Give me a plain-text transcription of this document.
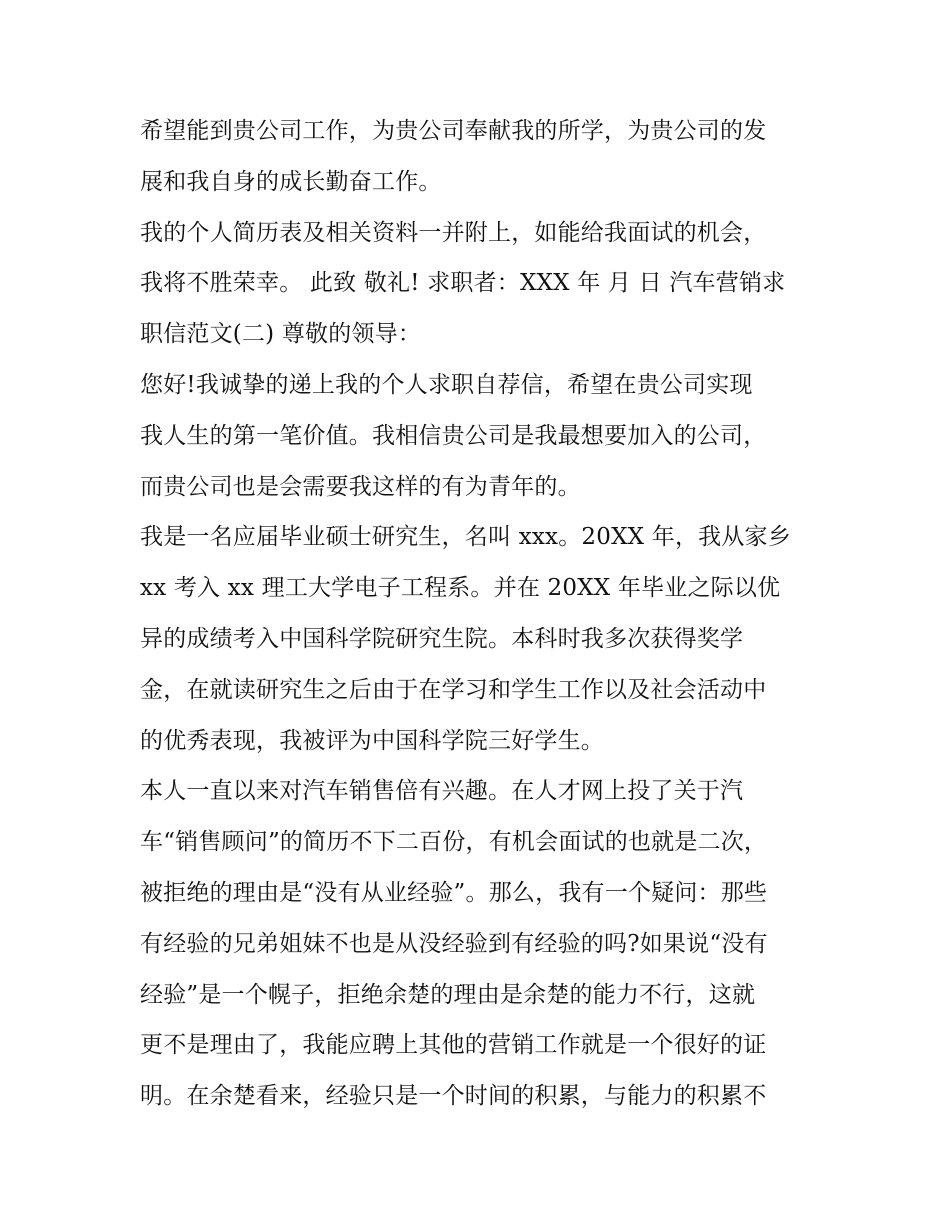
希望能到贵公司工作，为贵公司奉献我的所学，为贵公司的发
展和我自身的成长勤奋工作。
我的个人简历表及相关资料一并附上，如能给我面试的机会，
我将不胜荣幸。 此致 敬礼! 求职者：XXX 年 月 日 汽车营销求
职信范文(二) 尊敬的领导：
您好!我诚挚的递上我的个人求职自荐信，希望在贵公司实现
我人生的第一笔价值。我相信贵公司是我最想要加入的公司，
而贵公司也是会需要我这样的有为青年的。
我是一名应届毕业硕士研究生，名叫 xxx。20XX 年，我从家乡
xx 考入 xx 理工大学电子工程系。并在 20XX 年毕业之际以优
异的成绩考入中国科学院研究生院。本科时我多次获得奖学
金，在就读研究生之后由于在学习和学生工作以及社会活动中
的优秀表现，我被评为中国科学院三好学生。
本人一直以来对汽车销售倍有兴趣。在人才网上投了关于汽
车“销售顾问”的简历不下二百份，有机会面试的也就是二次，
被拒绝的理由是“没有从业经验”。那么，我有一个疑问：那些
有经验的兄弟姐妹不也是从没经验到有经验的吗?如果说“没有
经验”是一个幌子，拒绝余楚的理由是余楚的能力不行，这就
更不是理由了，我能应聘上其他的营销工作就是一个很好的证
明。在余楚看来，经验只是一个时间的积累，与能力的积累不
